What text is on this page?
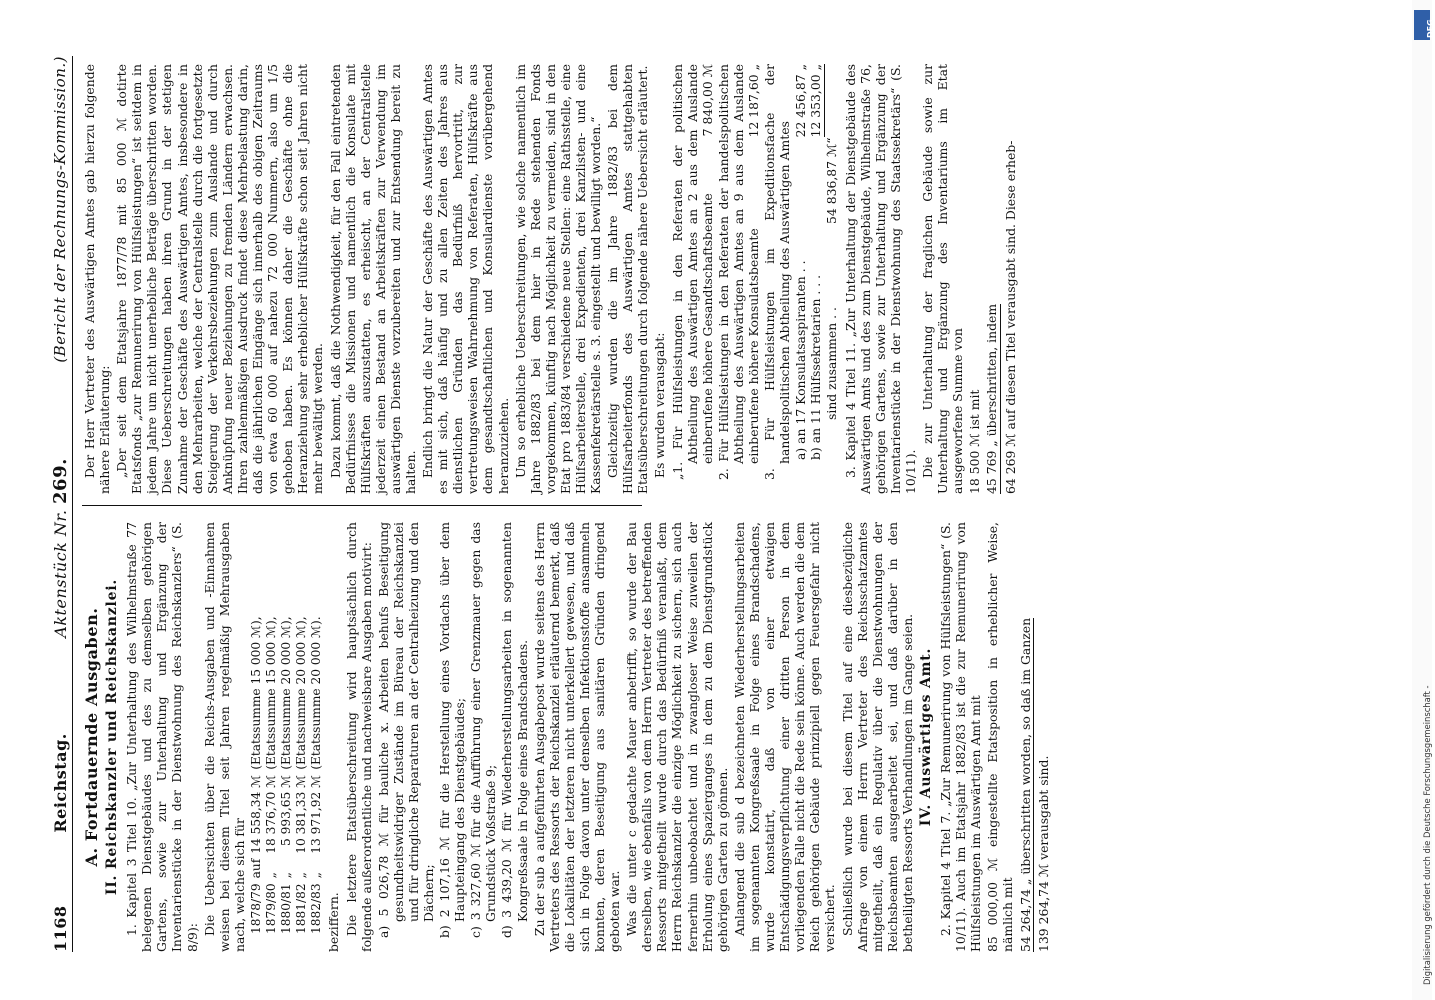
1168            Reichstag.
Aktenstück Nr. 269.
(Bericht der Rechnungs-Kommission.)
A. Fortdauernde Ausgaben. II. Reichskanzler und Reichskanzlei. 1. Kapitel 3 Titel 10. „Zur Unterhaltung des Wilhelmstraße 77 belegenen Dienstgebäudes und des zu demselben gehörigen Gartens, sowie zur Unterhaltung und Ergänzung der Inventarienstücke in der Dienstwohnung des Reichskanzlers“ (S. 8/9):

Die Uebersichten über die Reichs-Ausgaben und -Einnahmen weisen bei diesem Titel seit Jahren regelmäßig Mehrausgaben nach, welche sich für 1878/79	auf	14 558,34 ℳ	(Etatssumme 15 000 ℳ),
1879/80	„	18 376,70 ℳ	(Etatssumme 15 000 ℳ),
1880/81	„	5 993,65 ℳ	(Etatssumme 20 000 ℳ),
1881/82	„	10 381,33 ℳ	(Etatssumme 20 000 ℳ),
1882/83	„	13 971,92 ℳ	(Etatssumme 20 000 ℳ).

beziffern. Die letztere Etatsüberschreitung wird hauptsächlich durch folgende außerordentliche und nachweisbare Ausgaben motivirt: a) 5 026,78 ℳ für bauliche x. Arbeiten behufs Beseitigung gesundheitswidriger Zustände im Büreau der Reichskanzlei und für dringliche Reparaturen an der Centralheizung und den Dächern; b) 2 107,16 ℳ für die Herstellung eines Vordachs über dem Haupteingang des Dienstgebäudes; c) 3 327,60 ℳ für die Aufführung einer Grenzmauer gegen das Grundstück Voßstraße 9; d) 3 439,20 ℳ für Wiederherstellungsarbeiten in sogenannten Kongreßsaale in Folge eines Brandschadens. Zu der sub a aufgeführten Ausgabepost wurde seitens des Herrn Vertreters des Ressorts der Reichskanzlei erläuternd bemerkt, daß die Lokalitäten der letzteren nicht unterkellert gewesen, und daß sich in Folge davon unter denselben Infektionsstoffe ansammeln konnten, deren Beseitigung aus sanitären Gründen dringend geboten war. Was die unter c gedachte Mauer anbetrifft, so wurde der Bau derselben, wie ebenfalls von dem Herrn Vertreter des betreffenden Ressorts mitgetheilt wurde durch das Bedürfniß veranlaßt, dem Herrn Reichskanzler die einzige Möglichkeit zu sichern, sich auch fernerhin unbeobachtet und in zwangloser Weise zuweilen der Erholung eines Spazierganges in dem zu dem Dienstgrundstück gehörigen Garten zu gönnen. Anlangend die sub d bezeichneten Wiederherstellungsarbeiten im sogenannten Kongreßsaale in Folge eines Brandschadens, wurde konstatirt, daß von einer etwaigen Entschädigungsverpflichtung einer dritten Person in dem vorliegenden Falle nicht die Rede sein könne. Auch werden die dem Reich gehörigen Gebäude prinzipiell gegen Feuersgefahr nicht versichert. Schließlich wurde bei diesem Titel auf eine diesbezügliche Anfrage von einem Herrn Vertreter des Reichsschatzamtes mitgetheilt, daß ein Regulativ über die Dienstwohnungen der Reichsbeamten ausgearbeitet sei, und daß darüber in den betheiligten Ressorts Verhandlungen im Gange seien. IV. Auswärtiges Amt. 2. Kapitel 4 Titel 7. „Zur Remunerirung von Hülfsleistungen“ (S. 10/11). Auch im Etatsjahr 1882/83 ist die zur Remunerirung von Hülfsleistungen im Auswärtigen Amt mit 85 000,00 ℳ eingestellte Etatsposition in erheblicher Weise, nämlich mit 54 264,74 „ überschritten worden, so daß im Ganzen 139 264,74 ℳ verausgabt sind.

Der Herr Vertreter des Auswärtigen Amtes gab hierzu folgende nähere Erläuterung: „Der seit dem Etatsjahre 1877/78 mit 85 000 ℳ dotirte Etatsfonds „zur Remunerirung von Hülfsleistungen“ ist seitdem in jedem Jahre um nicht unerhebliche Beträge überschritten worden. Diese Ueberschreitungen haben ihren Grund in der stetigen Zunahme der Geschäfte des Auswärtigen Amtes, insbesondere in den Mehrarbeiten, welche der Centralstelle durch die fortgesetzte Steigerung der Verkehrsbeziehungen zum Auslande und durch Anknüpfung neuer Beziehungen zu fremden Ländern erwachsen. Ihren zahlenmäßigen Ausdruck findet diese Mehrbelastung darin, daß die jährlichen Eingänge sich innerhalb des obigen Zeitraums von etwa 60 000 auf nahezu 72 000 Nummern, also um 1/5 gehoben haben. Es können daher die Geschäfte ohne die Heranziehung sehr erheblicher Hülfskräfte schon seit Jahren nicht mehr bewältigt werden. Dazu kommt, daß die Nothwendigkeit, für den Fall eintretenden Bedürfnisses die Missionen und namentlich die Konsulate mit Hülfskräften auszustatten, es erheischt, an der Centralstelle jederzeit einen Bestand an Arbeitskräften zur Verwendung im auswärtigen Dienste vorzubereiten und zur Entsendung bereit zu halten. Endlich bringt die Natur der Geschäfte des Auswärtigen Amtes es mit sich, daß häufig und zu allen Zeiten des Jahres aus dienstlichen Gründen das Bedürfniß hervortritt, zur vertretungsweisen Wahrnehmung von Referaten, Hülfskräfte aus dem gesandtschaftlichen und Konsulardienste vorübergehend heranzuziehen. Um so erhebliche Ueberschreitungen, wie solche namentlich im Jahre 1882/83 bei dem hier in Rede stehenden Fonds vorgekommen, künftig nach Möglichkeit zu vermeiden, sind in den Etat pro 1883/84 verschiedene neue Stellen: eine Rathsstelle, eine Hülfsarbeiterstelle, drei Expedienten, drei Kanzlisten- und eine Kassenfekretärstelle s. 3. eingestellt und bewilligt worden.“ Gleichzeitig wurden die im Jahre 1882/83 bei dem Hülfsarbeiterfonds des Auswärtigen Amtes stattgehabten Etatsüberschreitungen durch folgende nähere Uebersicht erläutert. Es wurden verausgabt: „1. Für Hülfsleistungen in den Referaten der politischen Abtheilung des Auswärtigen Amtes an 2 aus dem Auslande einberufene höhere Gesandtschaftsbeamte
7 840,00 ℳ 2. Für Hülfsleistungen in den Referaten der handelspolitischen Abtheilung des Auswärtigen Amtes an 9 aus dem Auslande einberufene höhere Konsulatsbeamte
12 187,60 „ 3. Für Hülfsleistungen im Expeditionsfache der handelspolitischen Abtheilung des Auswärtigen Amtes a) an 17 Konsulatsaspiranten . .
22 456,87 „
b) an 11 Hülfssekretarien . . .
12 353,00 „
sind zusammen . .
54 836,87 ℳ“ 3. Kapitel 4 Titel 11. „Zur Unterhaltung der Dienstgebäude des Auswärtigen Amts und des zum Dienstgebäude, Wilhelmstraße 76, gehörigen Gartens, sowie zur Unterhaltung und Ergänzung der Inventarienstücke in der Dienstwohnung des Staatssekretärs“ (S. 10/11). Die zur Unterhaltung der fraglichen Gebäude sowie zur Unterhaltung und Ergänzung des Inventariums im Etat ausgeworfene Summe von 18 500 ℳ ist mit 45 769 „ überschritten, indem 64 269 ℳ auf diesen Titel verausgabt sind. Diese erheb-

Digitalisierung gefördert durch die Deutsche Forschungsgemeinschaft -
DFG
